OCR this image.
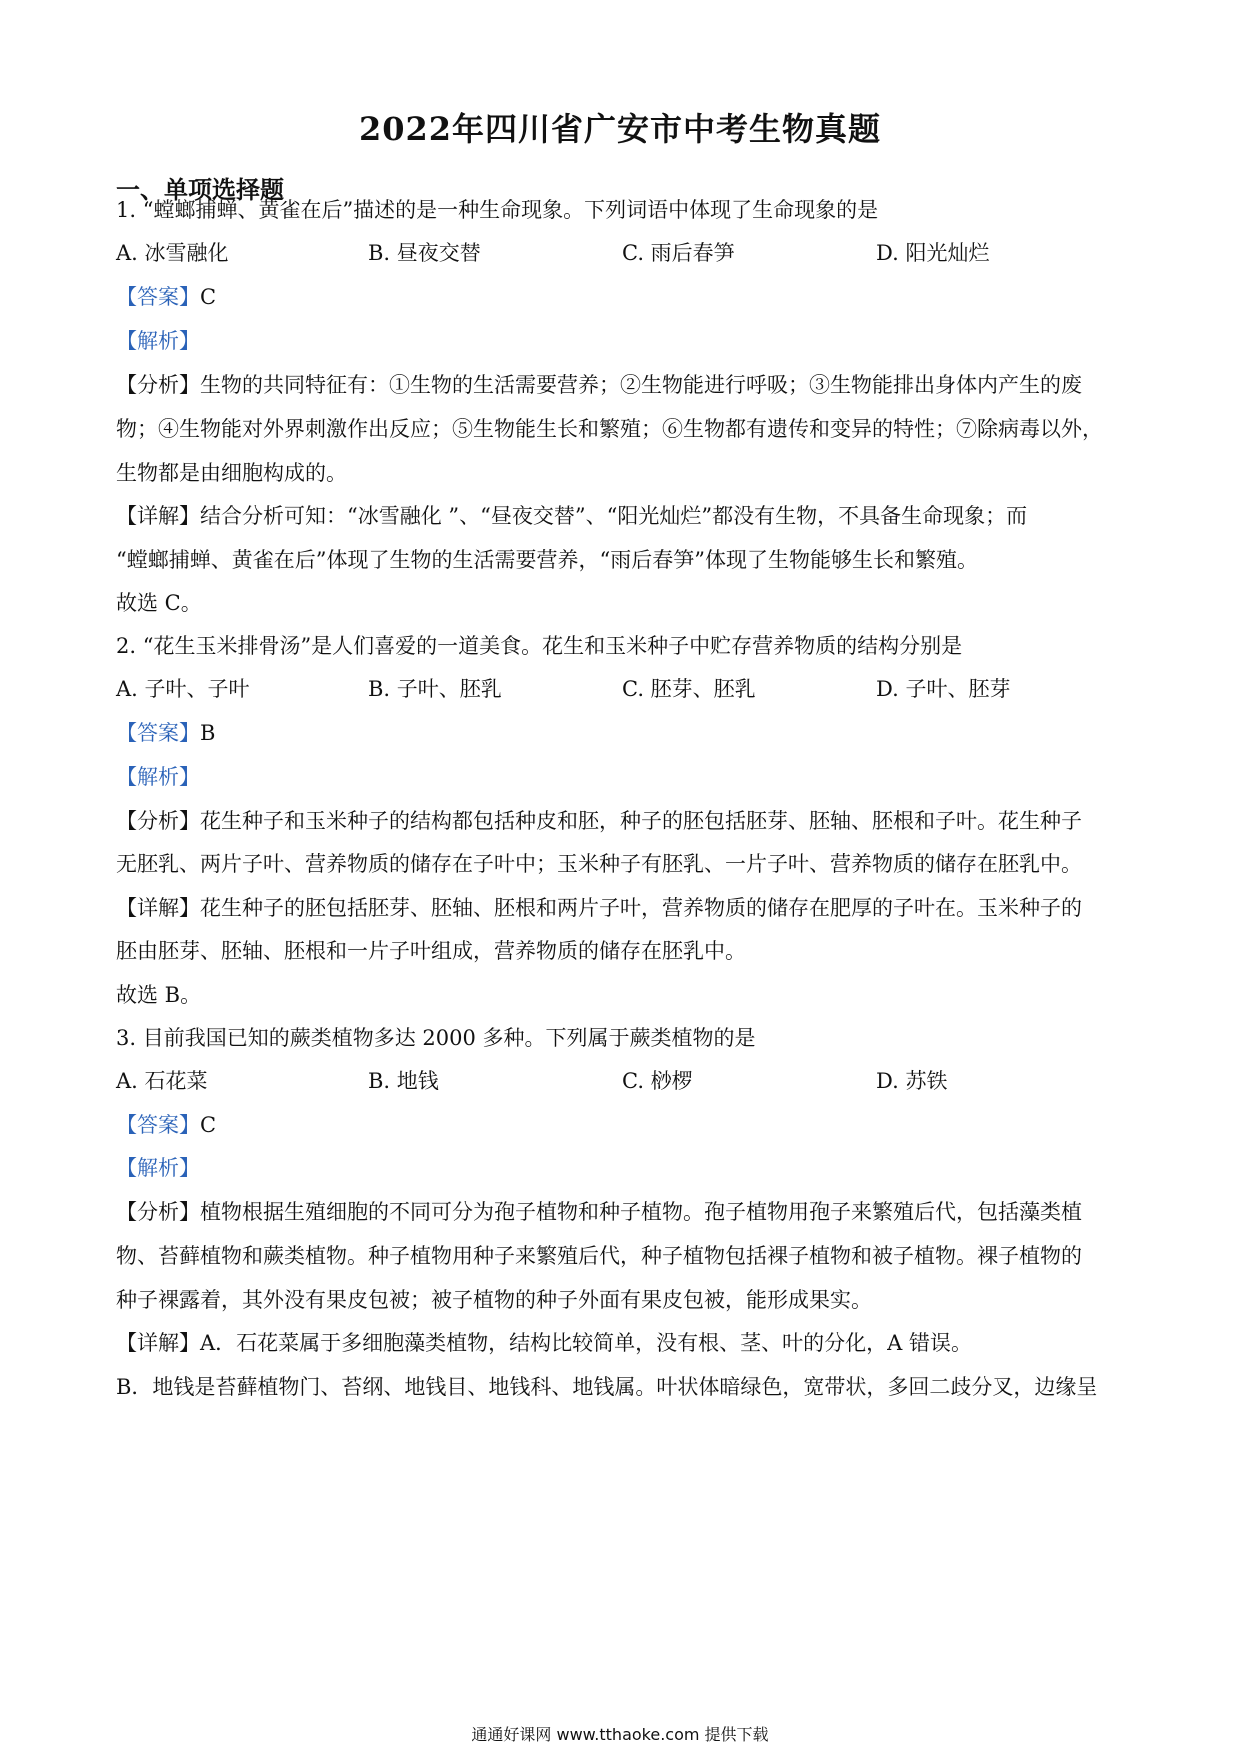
2022年四川省广安市中考生物真题
一、单项选择题
1. “螳螂捕蝉、黄雀在后”描述的是一种生命现象。下列词语中体现了生命现象的是
A. 冰雪融化	B. 昼夜交替	C. 雨后春笋	D. 阳光灿烂
【答案】C
【解析】
【分析】生物的共同特征有：①生物的生活需要营养；②生物能进行呼吸；③生物能排出身体内产生的废
物；④生物能对外界刺激作出反应；⑤生物能生长和繁殖；⑥生物都有遗传和变异的特性；⑦除病毒以外，
生物都是由细胞构成的。
【详解】结合分析可知：“冰雪融化 ”、“昼夜交替”、“阳光灿烂”都没有生物，不具备生命现象；而
“螳螂捕蝉、黄雀在后”体现了生物的生活需要营养，“雨后春笋”体现了生物能够生长和繁殖。
故选 C。
2. “花生玉米排骨汤”是人们喜爱的一道美食。花生和玉米种子中贮存营养物质的结构分别是
A. 子叶、子叶	B. 子叶、胚乳	C. 胚芽、胚乳	D. 子叶、胚芽
【答案】B
【解析】
【分析】花生种子和玉米种子的结构都包括种皮和胚，种子的胚包括胚芽、胚轴、胚根和子叶。花生种子
无胚乳、两片子叶、营养物质的储存在子叶中；玉米种子有胚乳、一片子叶、营养物质的储存在胚乳中。
【详解】花生种子的胚包括胚芽、胚轴、胚根和两片子叶，营养物质的储存在肥厚的子叶在。玉米种子的
胚由胚芽、胚轴、胚根和一片子叶组成，营养物质的储存在胚乳中。
故选 B。
3. 目前我国已知的蕨类植物多达 2000 多种。下列属于蕨类植物的是
A. 石花菜	B. 地钱	C. 桫椤	D. 苏铁
【答案】C
【解析】
【分析】植物根据生殖细胞的不同可分为孢子植物和种子植物。孢子植物用孢子来繁殖后代，包括藻类植
物、苔藓植物和蕨类植物。种子植物用种子来繁殖后代，种子植物包括裸子植物和被子植物。裸子植物的
种子裸露着，其外没有果皮包被；被子植物的种子外面有果皮包被，能形成果实。
【详解】A．石花菜属于多细胞藻类植物，结构比较简单，没有根、茎、叶的分化，A 错误。
B．地钱是苔藓植物门、苔纲、地钱目、地钱科、地钱属。叶状体暗绿色，宽带状，多回二歧分叉，边缘呈
通通好课网 www.tthaoke.com 提供下载
